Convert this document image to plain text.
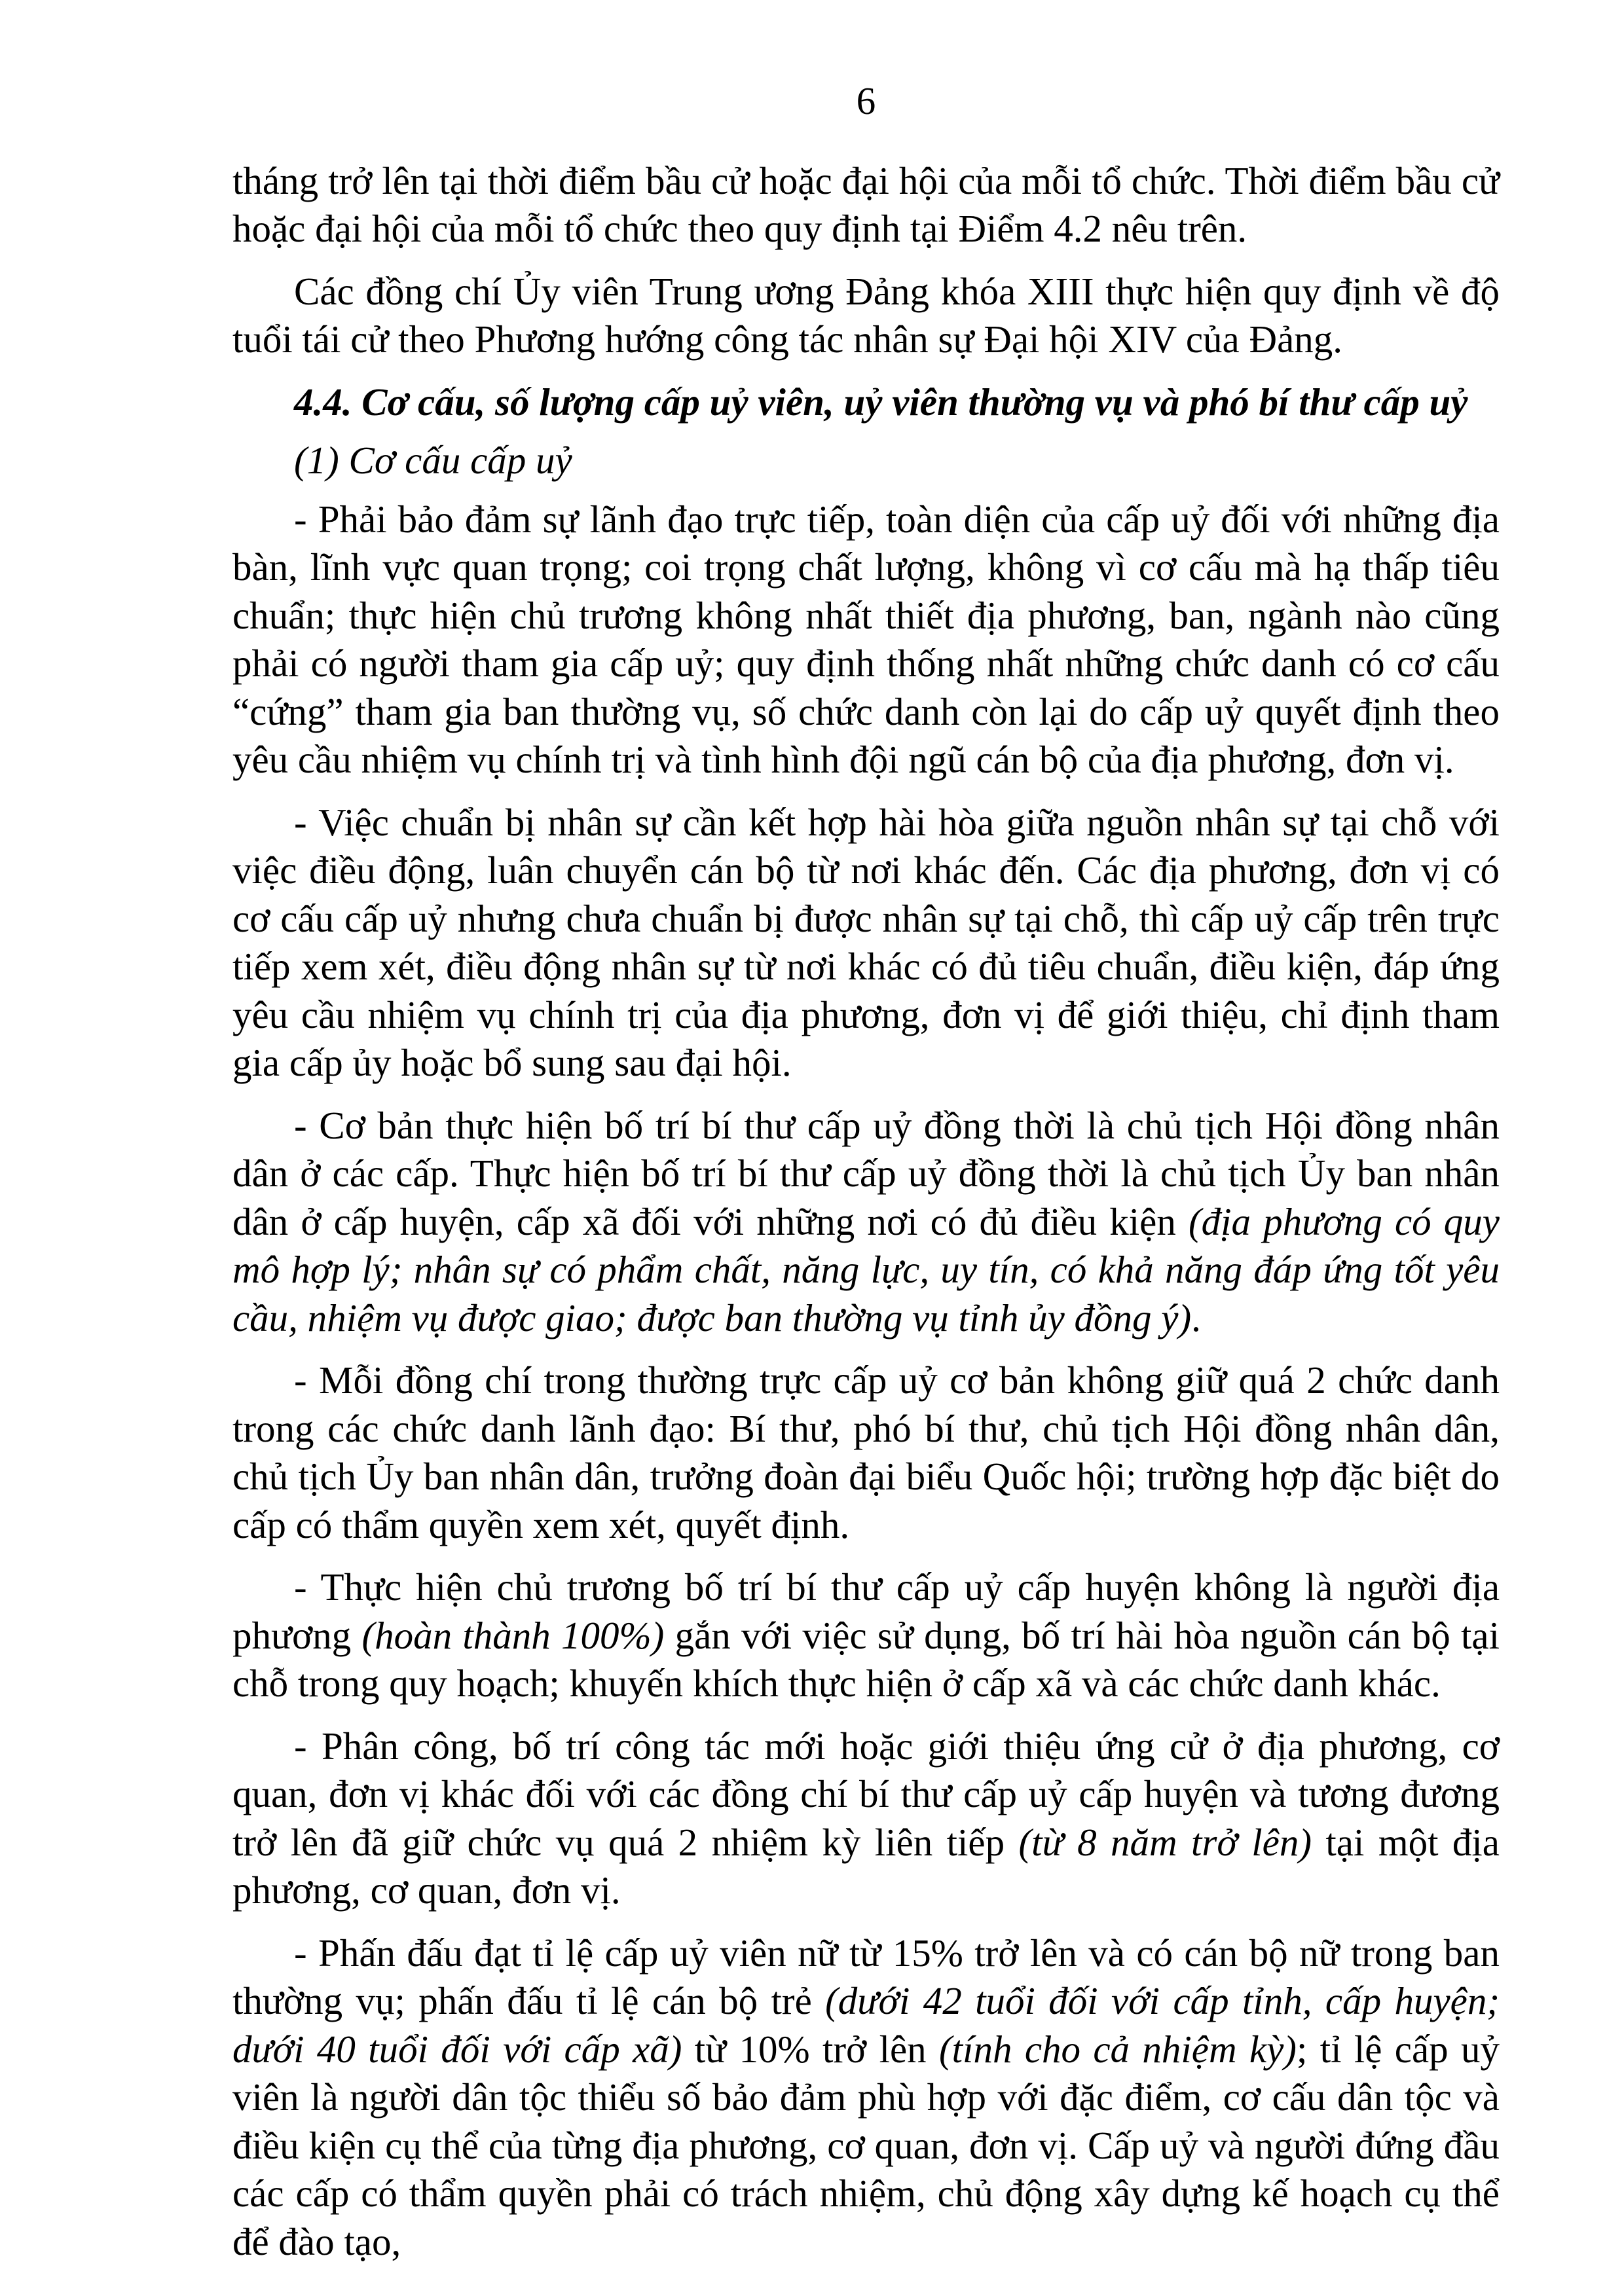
6

tháng trở lên tại thời điểm bầu cử hoặc đại hội của mỗi tổ chức. Thời điểm bầu cử hoặc đại hội của mỗi tổ chức theo quy định tại Điểm 4.2 nêu trên.

Các đồng chí Ủy viên Trung ương Đảng khóa XIII thực hiện quy định về độ tuổi tái cử theo Phương hướng công tác nhân sự Đại hội XIV của Đảng.

4.4. Cơ cấu, số lượng cấp uỷ viên, uỷ viên thường vụ và phó bí thư cấp uỷ

(1) Cơ cấu cấp uỷ

- Phải bảo đảm sự lãnh đạo trực tiếp, toàn diện của cấp uỷ đối với những địa bàn, lĩnh vực quan trọng; coi trọng chất lượng, không vì cơ cấu mà hạ thấp tiêu chuẩn; thực hiện chủ trương không nhất thiết địa phương, ban, ngành nào cũng phải có người tham gia cấp uỷ; quy định thống nhất những chức danh có cơ cấu “cứng” tham gia ban thường vụ, số chức danh còn lại do cấp uỷ quyết định theo yêu cầu nhiệm vụ chính trị và tình hình đội ngũ cán bộ của địa phương, đơn vị.

- Việc chuẩn bị nhân sự cần kết hợp hài hòa giữa nguồn nhân sự tại chỗ với việc điều động, luân chuyển cán bộ từ nơi khác đến. Các địa phương, đơn vị có cơ cấu cấp uỷ nhưng chưa chuẩn bị được nhân sự tại chỗ, thì cấp uỷ cấp trên trực tiếp xem xét, điều động nhân sự từ nơi khác có đủ tiêu chuẩn, điều kiện, đáp ứng yêu cầu nhiệm vụ chính trị của địa phương, đơn vị để giới thiệu, chỉ định tham gia cấp ủy hoặc bổ sung sau đại hội.

- Cơ bản thực hiện bố trí bí thư cấp uỷ đồng thời là chủ tịch Hội đồng nhân dân ở các cấp. Thực hiện bố trí bí thư cấp uỷ đồng thời là chủ tịch Ủy ban nhân dân ở cấp huyện, cấp xã đối với những nơi có đủ điều kiện (địa phương có quy mô hợp lý; nhân sự có phẩm chất, năng lực, uy tín, có khả năng đáp ứng tốt yêu cầu, nhiệm vụ được giao; được ban thường vụ tỉnh ủy đồng ý).

- Mỗi đồng chí trong thường trực cấp uỷ cơ bản không giữ quá 2 chức danh trong các chức danh lãnh đạo: Bí thư, phó bí thư, chủ tịch Hội đồng nhân dân, chủ tịch Ủy ban nhân dân, trưởng đoàn đại biểu Quốc hội; trường hợp đặc biệt do cấp có thẩm quyền xem xét, quyết định.

- Thực hiện chủ trương bố trí bí thư cấp uỷ cấp huyện không là người địa phương (hoàn thành 100%) gắn với việc sử dụng, bố trí hài hòa nguồn cán bộ tại chỗ trong quy hoạch; khuyến khích thực hiện ở cấp xã và các chức danh khác.

- Phân công, bố trí công tác mới hoặc giới thiệu ứng cử ở địa phương, cơ quan, đơn vị khác đối với các đồng chí bí thư cấp uỷ cấp huyện và tương đương trở lên đã giữ chức vụ quá 2 nhiệm kỳ liên tiếp (từ 8 năm trở lên) tại một địa phương, cơ quan, đơn vị.

- Phấn đấu đạt tỉ lệ cấp uỷ viên nữ từ 15% trở lên và có cán bộ nữ trong ban thường vụ; phấn đấu tỉ lệ cán bộ trẻ (dưới 42 tuổi đối với cấp tỉnh, cấp huyện; dưới 40 tuổi đối với cấp xã) từ 10% trở lên (tính cho cả nhiệm kỳ); tỉ lệ cấp uỷ viên là người dân tộc thiểu số bảo đảm phù hợp với đặc điểm, cơ cấu dân tộc và điều kiện cụ thể của từng địa phương, cơ quan, đơn vị. Cấp uỷ và người đứng đầu các cấp có thẩm quyền phải có trách nhiệm, chủ động xây dựng kế hoạch cụ thể để đào tạo,
